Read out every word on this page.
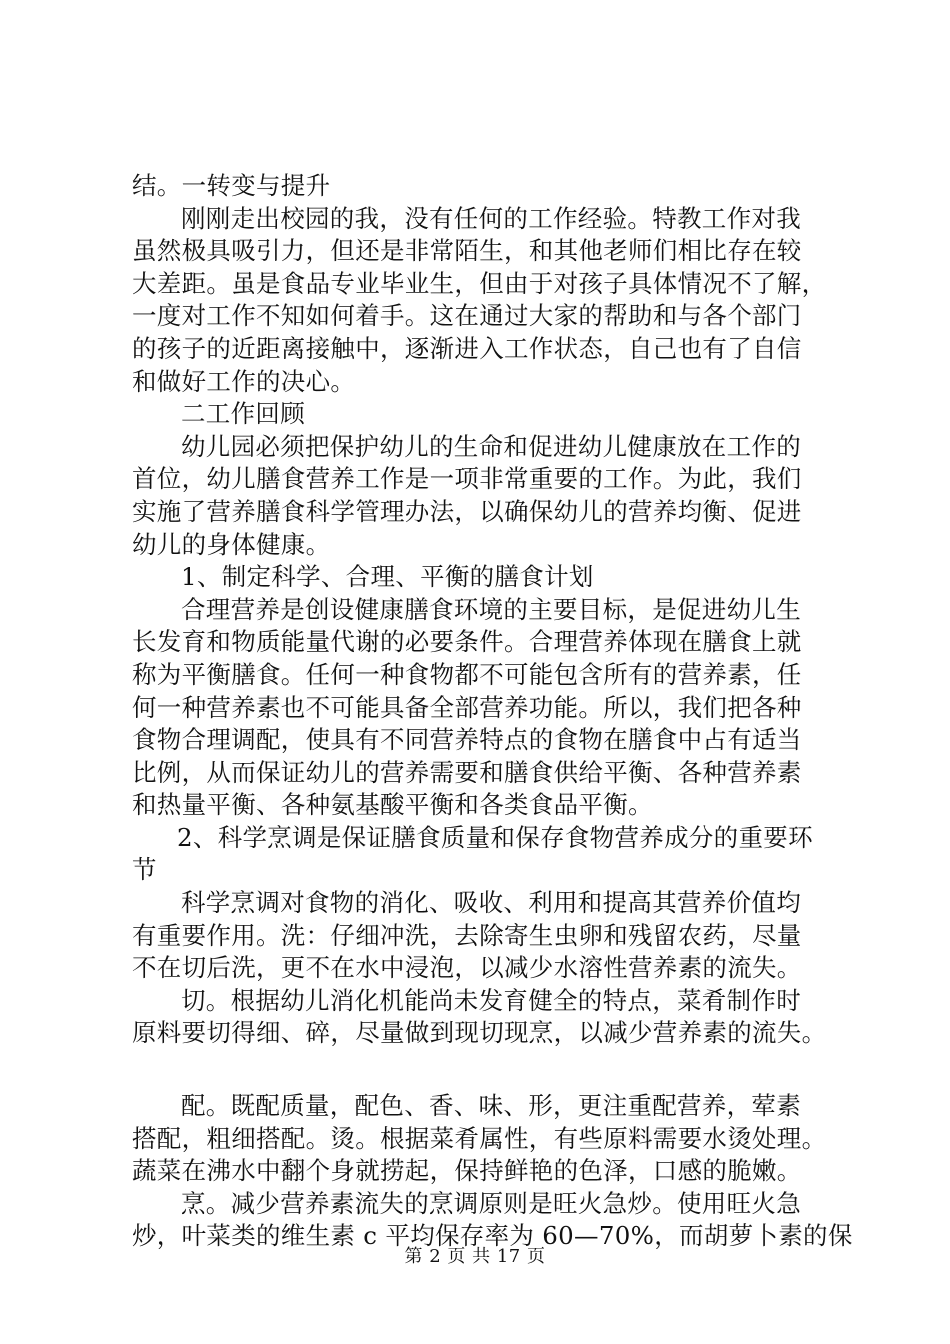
结。一转变与提升
刚刚走出校园的我，没有任何的工作经验。特教工作对我
虽然极具吸引力，但还是非常陌生，和其他老师们相比存在较
大差距。虽是食品专业毕业生，但由于对孩子具体情况不了解，
一度对工作不知如何着手。这在通过大家的帮助和与各个部门
的孩子的近距离接触中，逐渐进入工作状态，自己也有了自信
和做好工作的决心。
二工作回顾
幼儿园必须把保护幼儿的生命和促进幼儿健康放在工作的
首位，幼儿膳食营养工作是一项非常重要的工作。为此，我们
实施了营养膳食科学管理办法，以确保幼儿的营养均衡、促进
幼儿的身体健康。
1、制定科学、合理、平衡的膳食计划
合理营养是创设健康膳食环境的主要目标，是促进幼儿生
长发育和物质能量代谢的必要条件。合理营养体现在膳食上就
称为平衡膳食。任何一种食物都不可能包含所有的营养素，任
何一种营养素也不可能具备全部营养功能。所以，我们把各种
食物合理调配，使具有不同营养特点的食物在膳食中占有适当
比例，从而保证幼儿的营养需要和膳食供给平衡、各种营养素
和热量平衡、各种氨基酸平衡和各类食品平衡。
2、科学烹调是保证膳食质量和保存食物营养成分的重要环
节
科学烹调对食物的消化、吸收、利用和提高其营养价值均
有重要作用。洗：仔细冲洗，去除寄生虫卵和残留农药，尽量
不在切后洗，更不在水中浸泡，以减少水溶性营养素的流失。
切。根据幼儿消化机能尚未发育健全的特点，菜肴制作时
原料要切得细、碎，尽量做到现切现烹，以减少营养素的流失。
配。既配质量，配色、香、味、形，更注重配营养，荤素
搭配，粗细搭配。烫。根据菜肴属性，有些原料需要水烫处理。
蔬菜在沸水中翻个身就捞起，保持鲜艳的色泽，口感的脆嫩。
烹。减少营养素流失的烹调原则是旺火急炒。使用旺火急
炒，叶菜类的维生素 c 平均保存率为 60—70%，而胡萝卜素的保
第 2 页 共 17 页
